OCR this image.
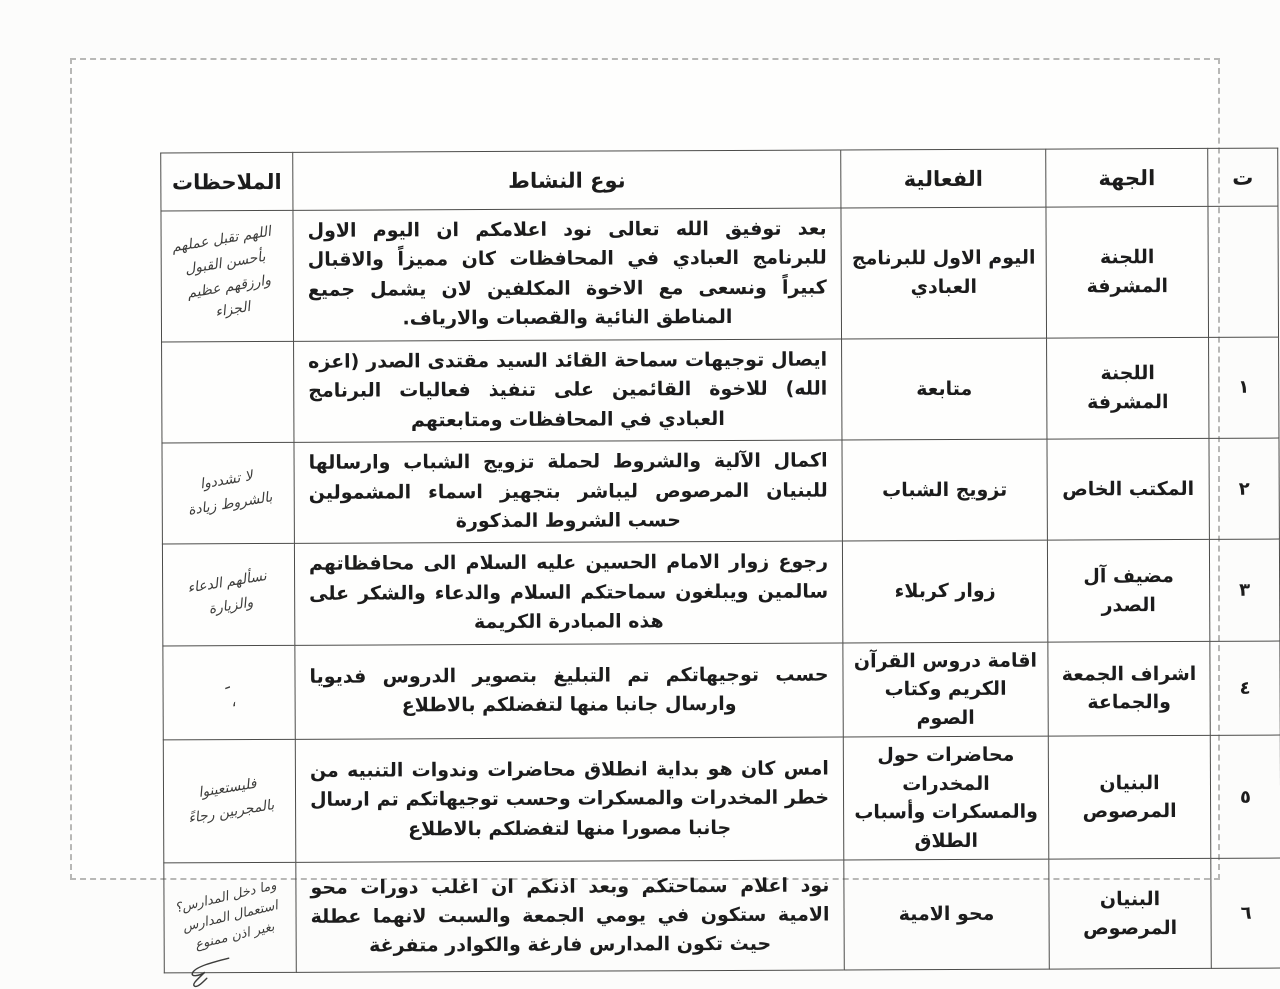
ت	الجهة	الفعالية	نوع النشاط	الملاحظات
	اللجنة المشرفة	اليوم الاول للبرنامج العبادي	بعد توفيق الله تعالى نود اعلامكم ان اليوم الاول للبرنامج العبادي في المحافظات كان مميزاً والاقبال كبيراً ونسعى مع الاخوة المكلفين لان يشمل جميع المناطق النائية والقصبات والارياف.	اللهم تقبل عملهم
بأحسن القبول
وارزقهم عظيم الجزاء
١	اللجنة المشرفة	متابعة	ايصال توجيهات سماحة القائد السيد مقتدى الصدر (اعزه الله) للاخوة القائمين على تنفيذ فعاليات البرنامج العبادي في المحافظات ومتابعتهم	
٢	المكتب الخاص	تزويج الشباب	اكمال الآلية والشروط لحملة تزويج الشباب وارسالها للبنيان المرصوص ليباشر بتجهيز اسماء المشمولين حسب الشروط المذكورة	لا تشددوا
بالشروط زيادة
٣	مضيف آل الصدر	زوار كربلاء	رجوع زوار الامام الحسين عليه السلام الى محافظاتهم سالمين ويبلغون سماحتكم السلام والدعاء والشكر على هذه المبادرة الكريمة	نسألهم الدعاء
والزيارة
٤	اشراف الجمعة والجماعة	اقامة دروس القرآن الكريم وكتاب الصوم	حسب توجيهاتكم تم التبليغ بتصوير الدروس فديويا وارسال جانبا منها لتفضلكم بالاطلاع	ـ
،
٥	البنيان المرصوص	محاضرات حول المخدرات والمسكرات وأسباب الطلاق	امس كان هو بداية انطلاق محاضرات وندوات التنبيه من خطر المخدرات والمسكرات وحسب توجيهاتكم تم ارسال جانبا مصورا منها لتفضلكم بالاطلاع	فليستعينوا
بالمجربين رجاءً
٦	البنيان المرصوص	محو الامية	نود اعلام سماحتكم وبعد اذنكم ان اغلب دورات محو الامية ستكون في يومي الجمعة والسبت لانهما عطلة حيث تكون المدارس فارغة والكوادر متفرغة	وما دخل المدارس؟
استعمال المدارس
بغير اذن ممنوع
